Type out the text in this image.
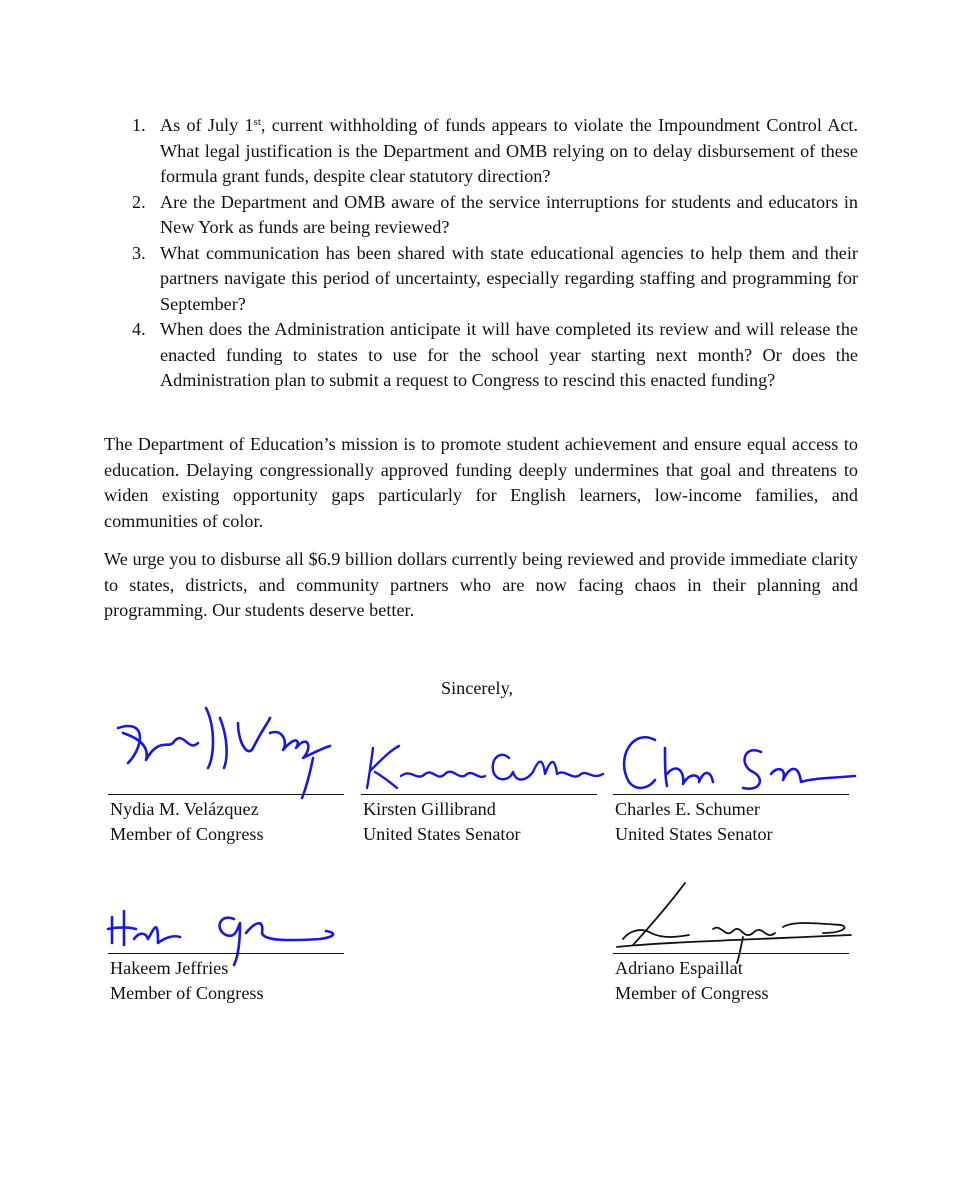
1. As of July 1st, current withholding of funds appears to violate the Impoundment Control Act. What legal justification is the Department and OMB relying on to delay disbursement of these formula grant funds, despite clear statutory direction?
2. Are the Department and OMB aware of the service interruptions for students and educators in New York as funds are being reviewed?
3. What communication has been shared with state educational agencies to help them and their partners navigate this period of uncertainty, especially regarding staffing and programming for September?
4. When does the Administration anticipate it will have completed its review and will release the enacted funding to states to use for the school year starting next month? Or does the Administration plan to submit a request to Congress to rescind this enacted funding?

The Department of Education’s mission is to promote student achievement and ensure equal access to education. Delaying congressionally approved funding deeply undermines that goal and threatens to widen existing opportunity gaps particularly for English learners, low-income families, and communities of color.

We urge you to disburse all $6.9 billion dollars currently being reviewed and provide immediate clarity to states, districts, and community partners who are now facing chaos in their planning and programming. Our students deserve better.

Sincerely,

Nydia M. Velázquez
Member of Congress
Kirsten Gillibrand
United States Senator
Charles E. Schumer
United States Senator
Hakeem Jeffries
Member of Congress
Adriano Espaillat
Member of Congress
